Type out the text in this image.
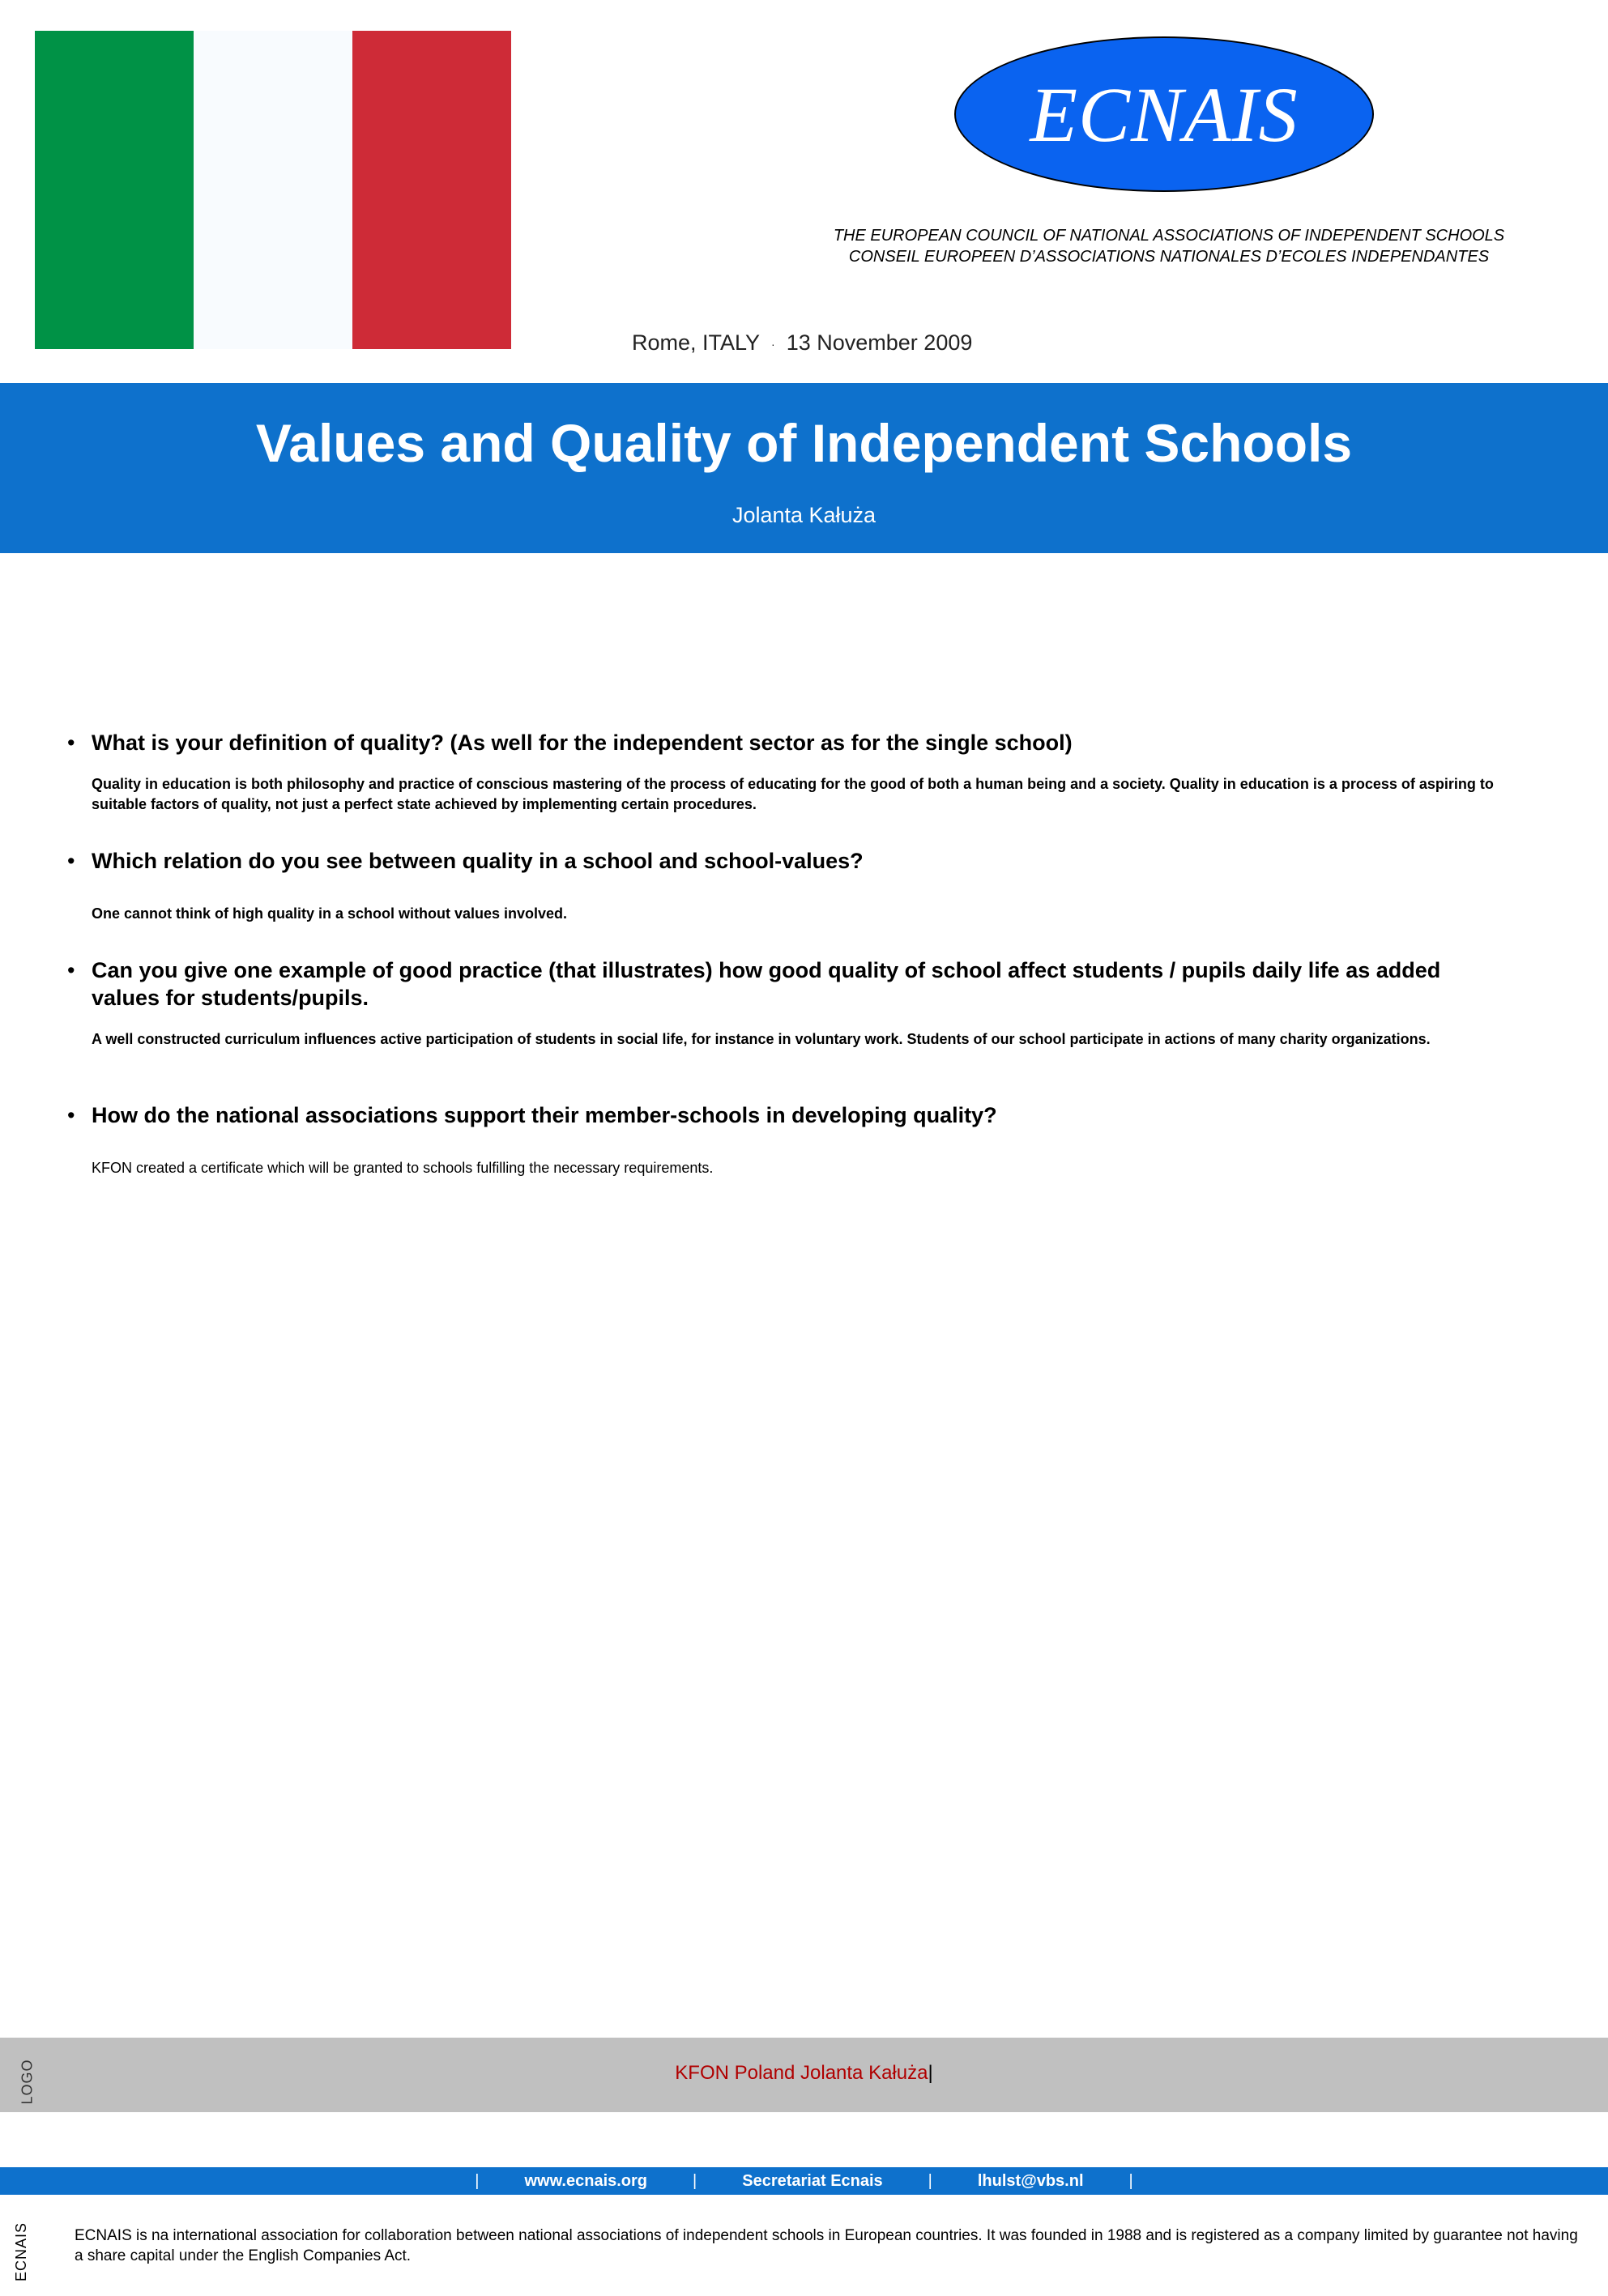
ECNAIS
THE EUROPEAN COUNCIL OF NATIONAL ASSOCIATIONS OF INDEPENDENT SCHOOLS
CONSEIL EUROPEEN D’ASSOCIATIONS NATIONALES D’ECOLES INDEPENDANTES
Rome, ITALY · 13 November 2009
Values and Quality of Independent Schools
Jolanta Kałuża
• What is your definition of quality? (As well for the independent sector as for the single school)
Quality in education is both philosophy and practice of conscious mastering of the process of educating for the good of both a human being and a society. Quality in education is a process of aspiring to suitable factors of quality, not just a perfect state achieved by implementing certain procedures.
• Which relation do you see between quality in a school and school-values?
One cannot think of high quality in a school without values involved.
• Can you give one example of good practice (that illustrates) how good quality of school affect students / pupils daily life as added values for students/pupils.
A well constructed curriculum influences active participation of students in social life, for instance in voluntary work. Students of our school participate in actions of many charity organizations.
• How do the national associations support their member-schools in developing quality?
KFON created a certificate which will be granted to schools fulfilling the necessary requirements.
KFON Poland Jolanta Kałuża|
LOGO
|	www.ecnais.org	|	Secretariat Ecnais	|	lhulst@vbs.nl	|
ECNAIS	ECNAIS is na international association for collaboration between national associations of independent schools in European countries. It was founded in 1988 and is registered as a company limited by guarantee not having a share capital under the English Companies Act.
